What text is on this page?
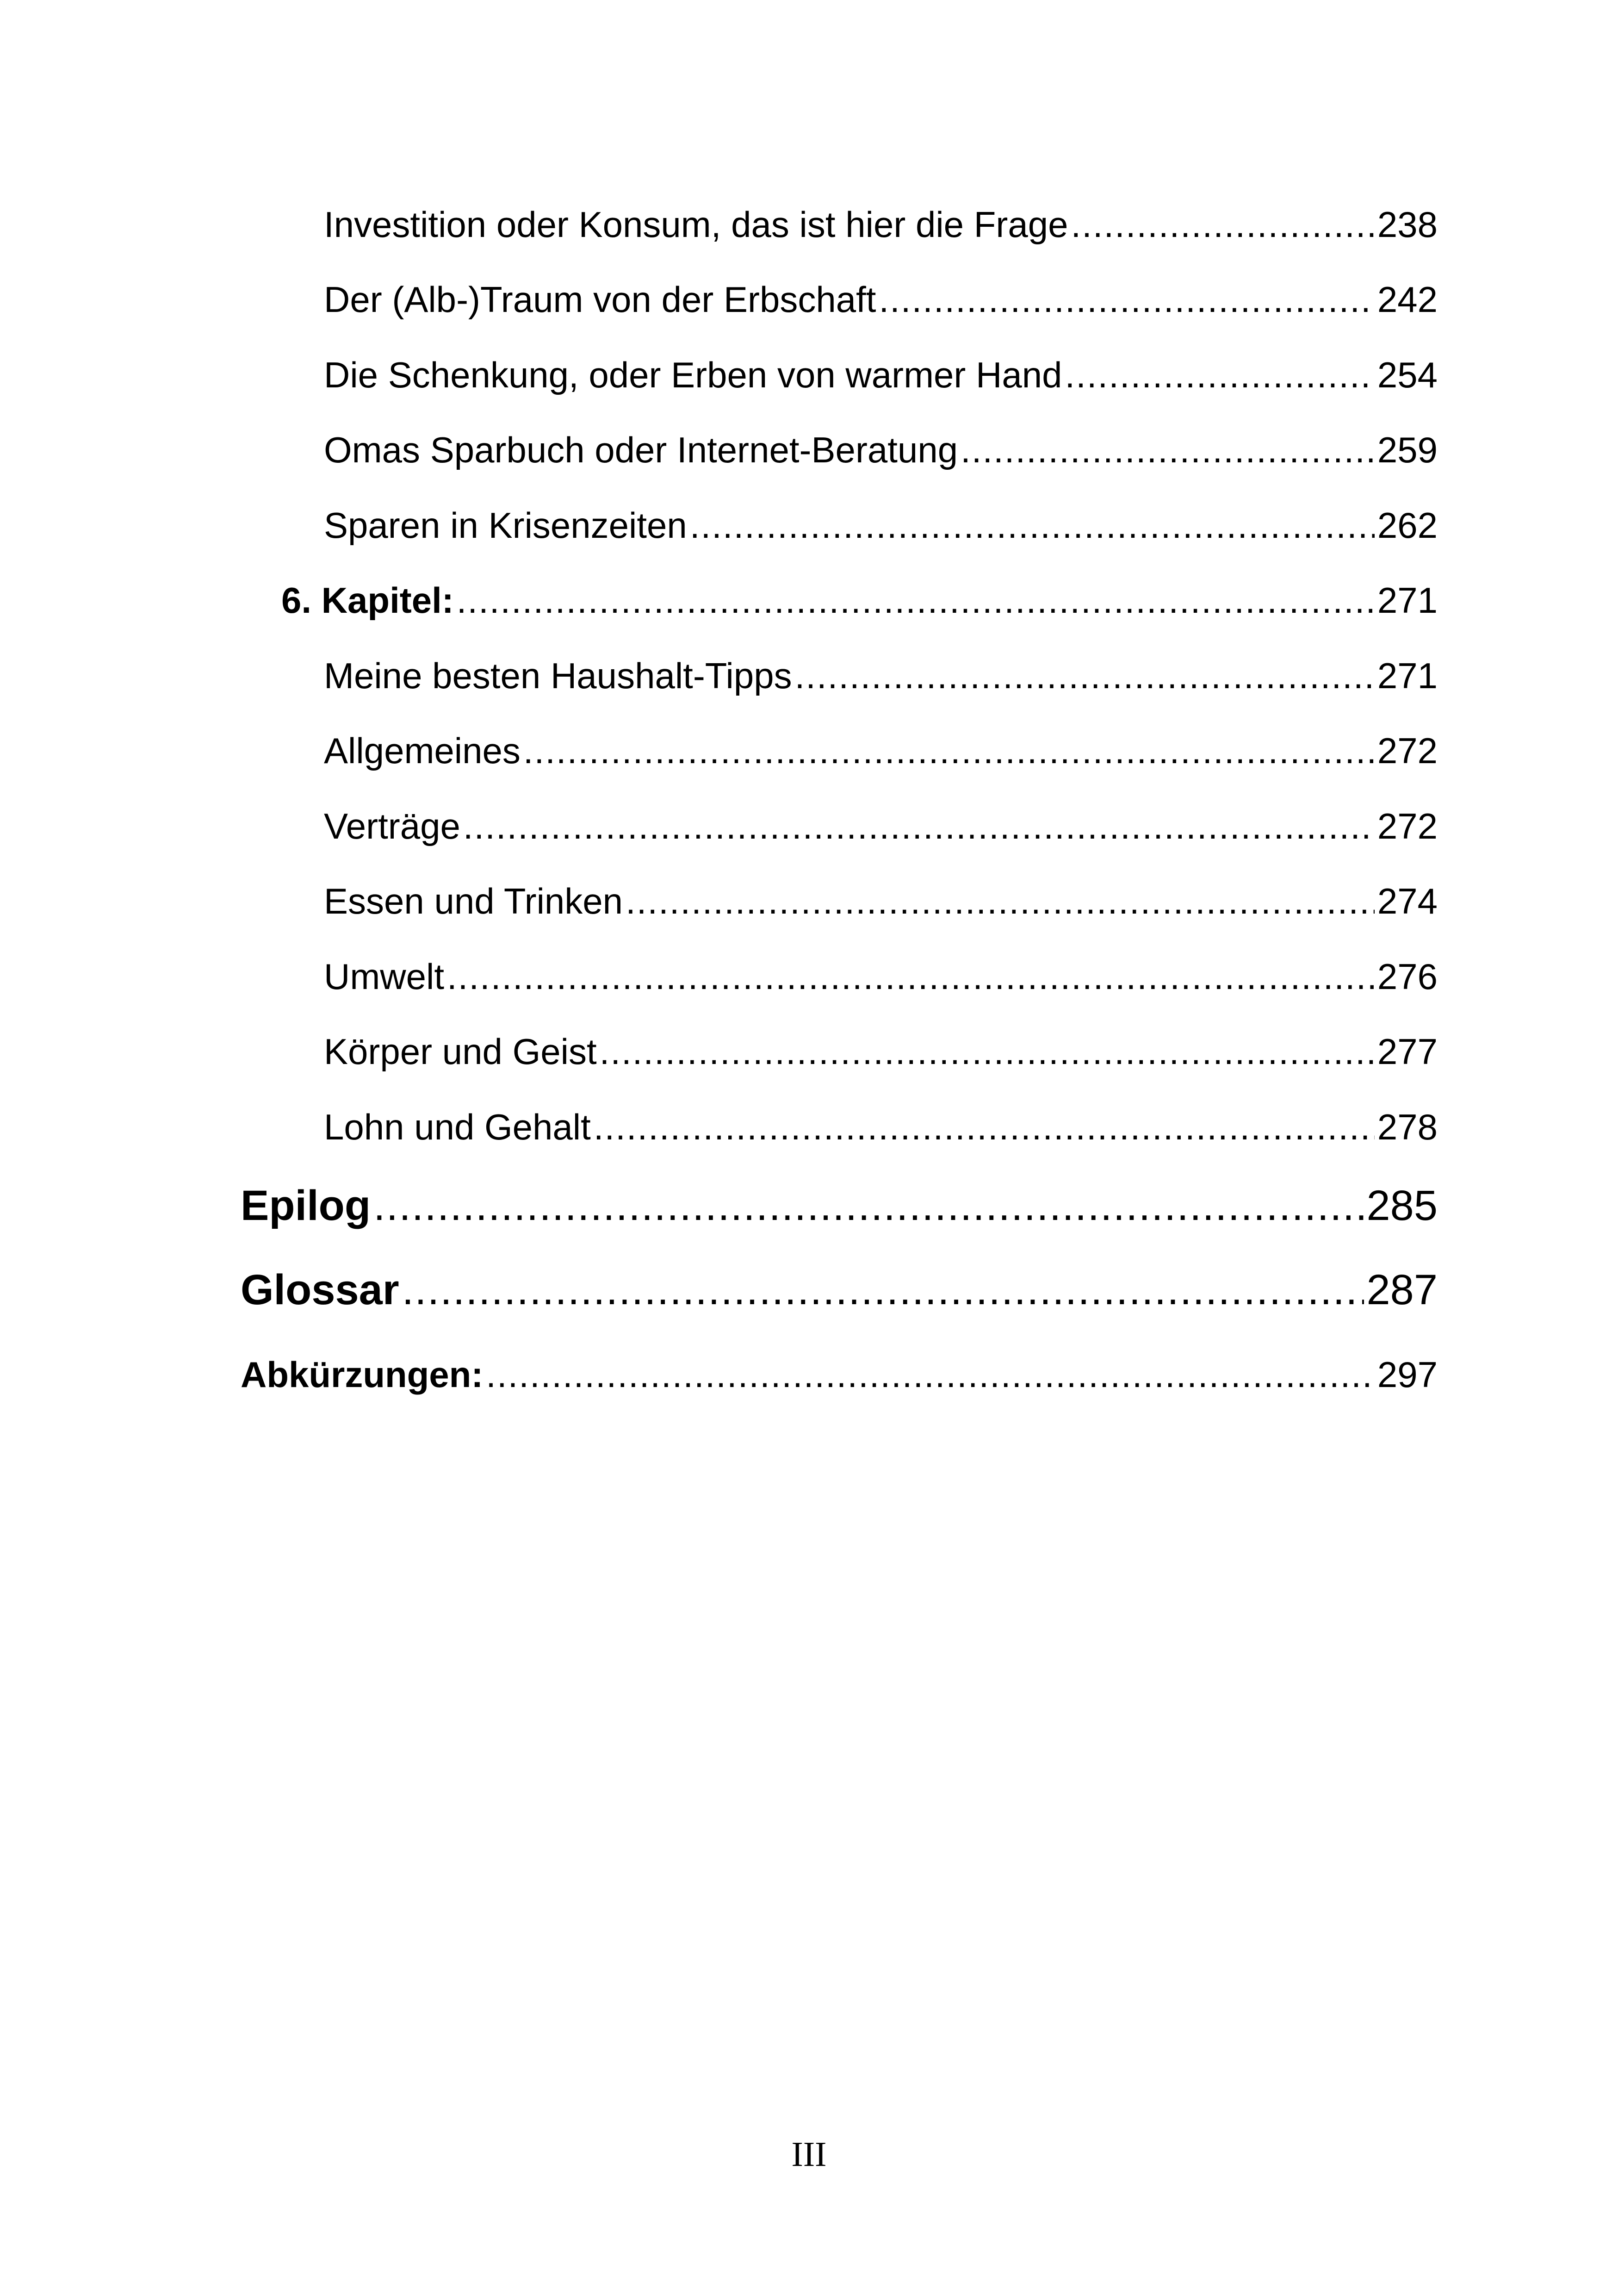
Investition oder Konsum, das ist hier die Frage .....	238
Der (Alb-)Traum von der Erbschaft .....	242
Die Schenkung, oder Erben von warmer Hand .....	254
Omas Sparbuch oder Internet-Beratung .....	259
Sparen in Krisenzeiten .....	262
6. Kapitel: .....	271
Meine besten Haushalt-Tipps .....	271
Allgemeines .....	272
Verträge .....	272
Essen und Trinken .....	274
Umwelt .....	276
Körper und Geist .....	277
Lohn und Gehalt .....	278
Epilog .....	285
Glossar .....	287
Abkürzungen: .....	297
III
